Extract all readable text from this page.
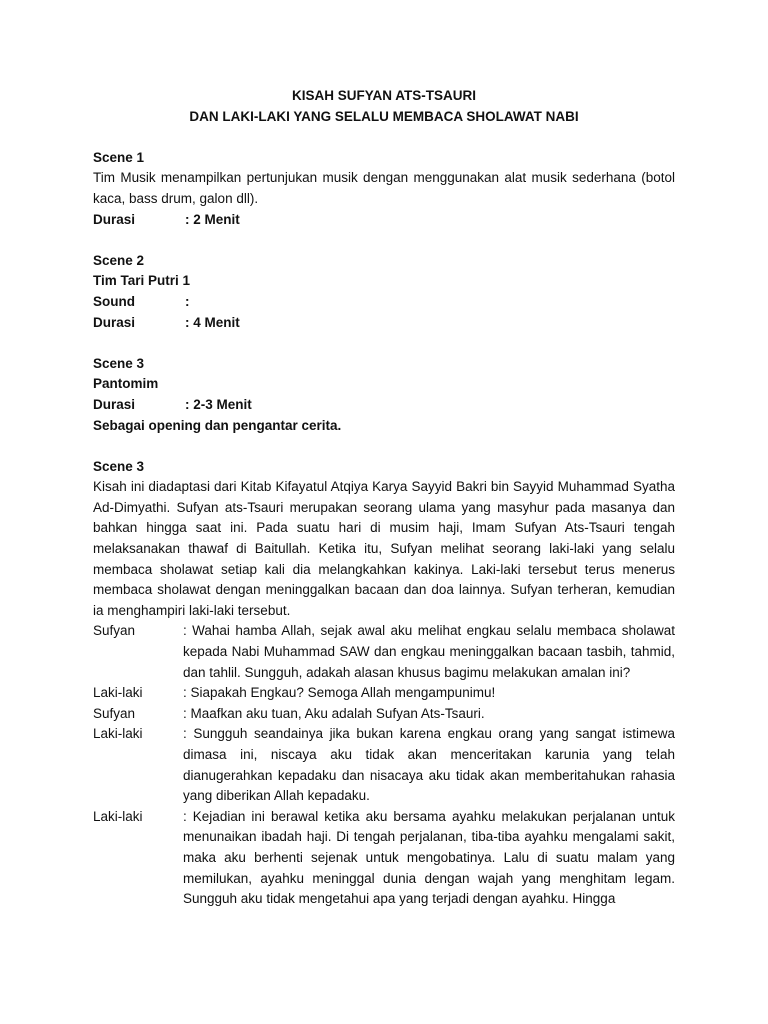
KISAH SUFYAN ATS-TSAURI
DAN LAKI-LAKI YANG SELALU MEMBACA SHOLAWAT NABI
Scene 1
Tim Musik menampilkan pertunjukan musik dengan menggunakan alat musik sederhana (botol kaca, bass drum, galon dll).
Durasi	: 2 Menit
Scene 2
Tim Tari Putri 1
Sound	:
Durasi	: 4 Menit
Scene 3
Pantomim
Durasi	: 2-3 Menit
Sebagai opening dan pengantar cerita.
Scene 3
Kisah ini diadaptasi dari Kitab Kifayatul Atqiya Karya Sayyid Bakri bin Sayyid Muhammad Syatha Ad-Dimyathi. Sufyan ats-Tsauri merupakan seorang ulama yang masyhur pada masanya dan bahkan hingga saat ini. Pada suatu hari di musim haji, Imam Sufyan Ats-Tsauri tengah melaksanakan thawaf di Baitullah. Ketika itu, Sufyan melihat seorang laki-laki yang selalu membaca sholawat setiap kali dia melangkahkan kakinya. Laki-laki tersebut terus menerus membaca sholawat dengan meninggalkan bacaan dan doa lainnya. Sufyan terheran, kemudian ia menghampiri laki-laki tersebut.
Sufyan	: Wahai hamba Allah, sejak awal aku melihat engkau selalu membaca sholawat kepada Nabi Muhammad SAW dan engkau meninggalkan bacaan tasbih, tahmid, dan tahlil. Sungguh, adakah alasan khusus bagimu melakukan amalan ini?
Laki-laki	: Siapakah Engkau? Semoga Allah mengampunimu!
Sufyan	: Maafkan aku tuan, Aku adalah Sufyan Ats-Tsauri.
Laki-laki	: Sungguh seandainya jika bukan karena engkau orang yang sangat istimewa dimasa ini, niscaya aku tidak akan menceritakan karunia yang telah dianugerahkan kepadaku dan nisacaya aku tidak akan memberitahukan rahasia yang diberikan Allah kepadaku.
Laki-laki	: Kejadian ini berawal ketika aku bersama ayahku melakukan perjalanan untuk menunaikan ibadah haji. Di tengah perjalanan, tiba-tiba ayahku mengalami sakit, maka aku berhenti sejenak untuk mengobatinya. Lalu di suatu malam yang memilukan, ayahku meninggal dunia dengan wajah yang menghitam legam. Sungguh aku tidak mengetahui apa yang terjadi dengan ayahku. Hingga
